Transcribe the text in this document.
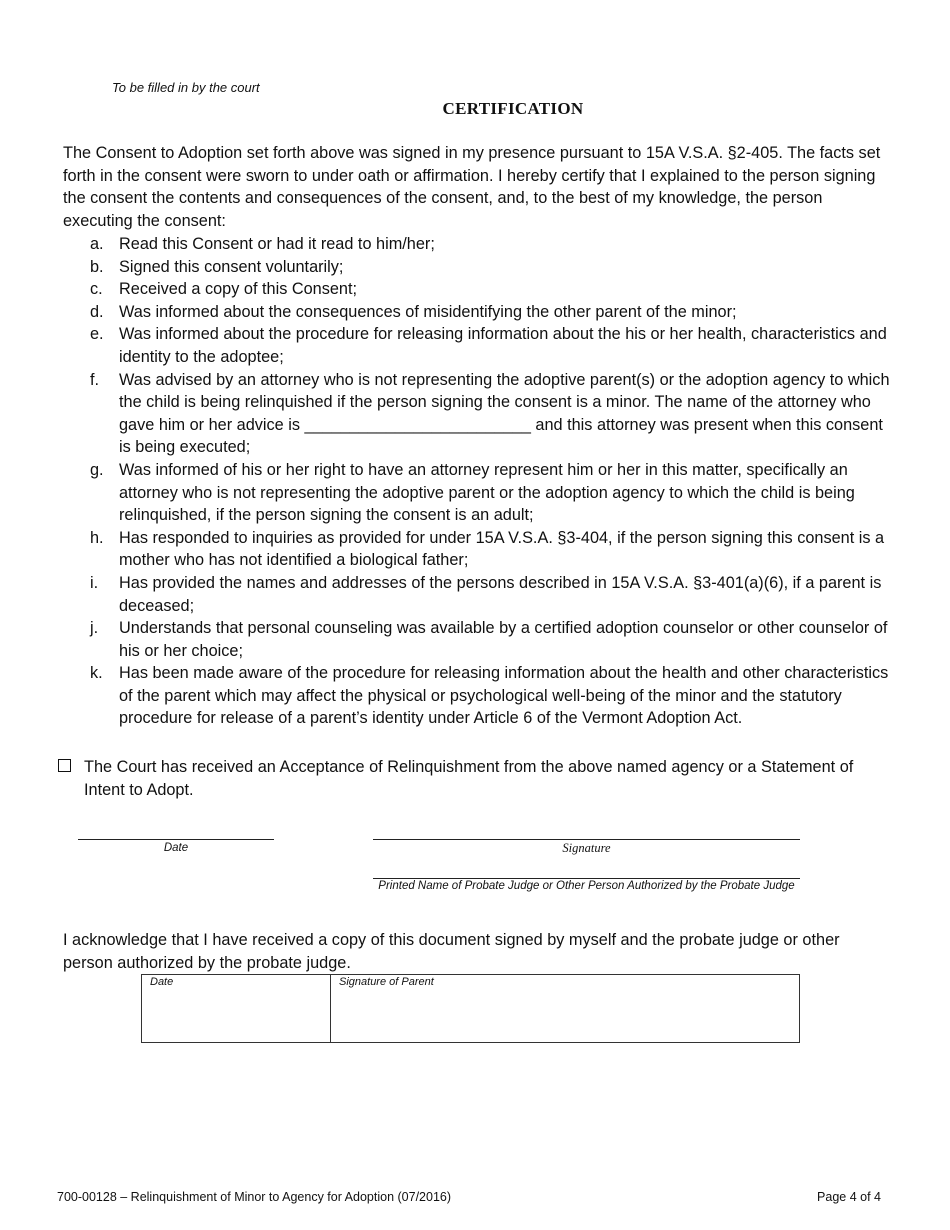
To be filled in by the court
CERTIFICATION
The Consent to Adoption set forth above was signed in my presence pursuant to 15A V.S.A. §2-405. The facts set forth in the consent were sworn to under oath or affirmation. I hereby certify that I explained to the person signing the consent the contents and consequences of the consent, and, to the best of my knowledge, the person executing the consent:
a. Read this Consent or had it read to him/her;
b. Signed this consent voluntarily;
c.	Received a copy of this Consent;
d. Was informed about the consequences of misidentifying the other parent of the minor;
e. Was informed about the procedure for releasing information about the his or her health, characteristics and identity to the adoptee;
f.	Was advised by an attorney who is not representing the adoptive parent(s) or the adoption agency to which the child is being relinquished if the person signing the consent is a minor. The name of the attorney who gave him or her advice is _________________________ and this attorney was present when this consent is being executed;
g. Was informed of his or her right to have an attorney represent him or her in this matter, specifically an attorney who is not representing the adoptive parent or the adoption agency to which the child is being relinquished, if the person signing the consent is an adult;
h. Has responded to inquiries as provided for under 15A V.S.A. §3-404, if the person signing this consent is a mother who has not identified a biological father;
i.	Has provided the names and addresses of the persons described in 15A V.S.A. §3-401(a)(6), if a parent is deceased;
j.	Understands that personal counseling was available by a certified adoption counselor or other counselor of his or her choice;
k.	Has been made aware of the procedure for releasing information about the health and other characteristics of the parent which may affect the physical or psychological well-being of the minor and the statutory procedure for release of a parent’s identity under Article 6 of the Vermont Adoption Act.
The Court has received an Acceptance of Relinquishment from the above named agency or a Statement of Intent to Adopt.
Date	Signature
Printed Name of Probate Judge or Other Person Authorized by the Probate Judge
I acknowledge that I have received a copy of this document signed by myself and the probate judge or other person authorized by the probate judge.
Date	Signature of Parent
700-00128 – Relinquishment of Minor to Agency for Adoption (07/2016)	Page 4 of 4
